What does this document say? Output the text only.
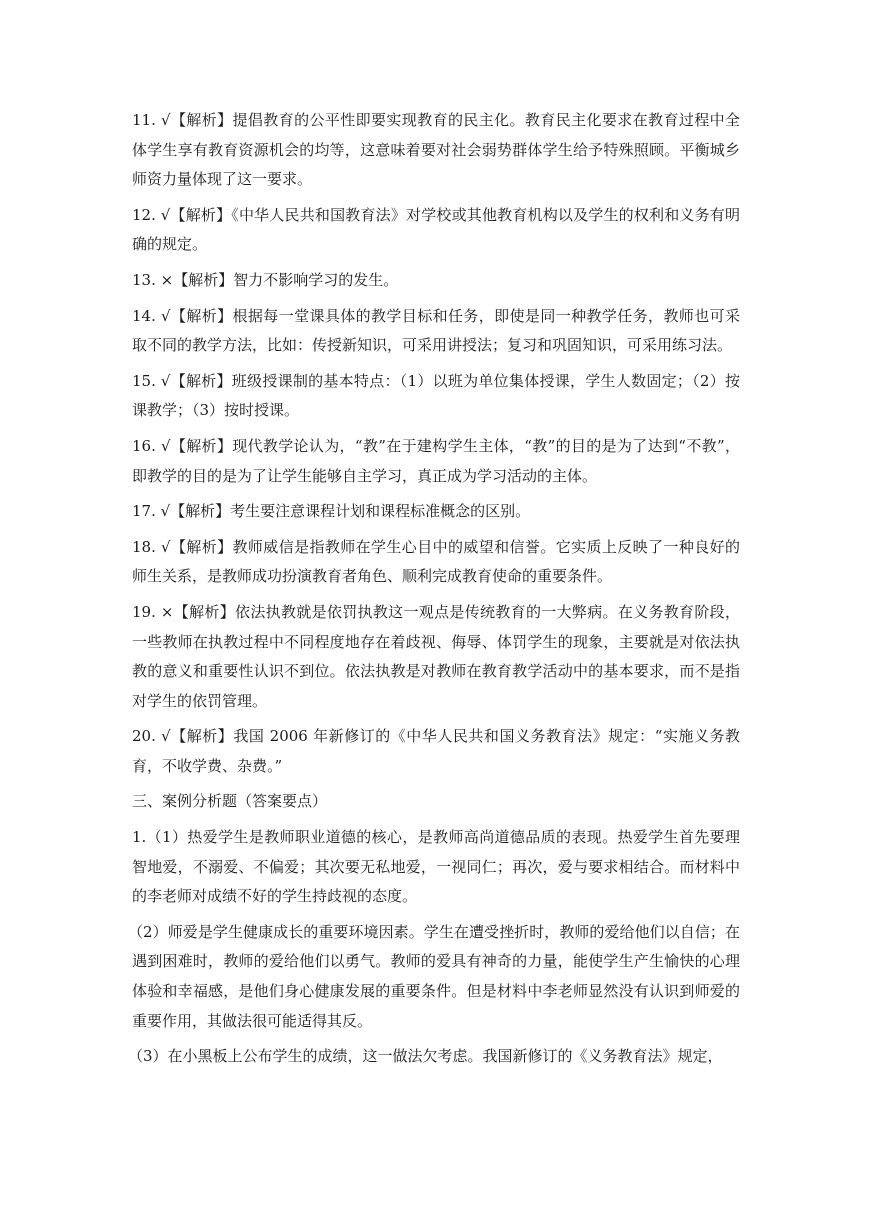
11. √【解析】提倡教育的公平性即要实现教育的民主化。教育民主化要求在教育过程中全体学生享有教育资源机会的均等，这意味着要对社会弱势群体学生给予特殊照顾。平衡城乡师资力量体现了这一要求。

12. √【解析】《中华人民共和国教育法》对学校或其他教育机构以及学生的权利和义务有明确的规定。

13. ×【解析】智力不影响学习的发生。

14. √【解析】根据每一堂课具体的教学目标和任务，即使是同一种教学任务，教师也可采取不同的教学方法，比如：传授新知识，可采用讲授法；复习和巩固知识，可采用练习法。

15. √【解析】班级授课制的基本特点：（1）以班为单位集体授课，学生人数固定；（2）按课教学；（3）按时授课。

16. √【解析】现代教学论认为，“教”在于建构学生主体，“教”的目的是为了达到“不教”，即教学的目的是为了让学生能够自主学习，真正成为学习活动的主体。

17. √【解析】考生要注意课程计划和课程标准概念的区别。

18. √【解析】教师威信是指教师在学生心目中的威望和信誉。它实质上反映了一种良好的师生关系，是教师成功扮演教育者角色、顺利完成教育使命的重要条件。

19. ×【解析】依法执教就是依罚执教这一观点是传统教育的一大弊病。在义务教育阶段，一些教师在执教过程中不同程度地存在着歧视、侮辱、体罚学生的现象，主要就是对依法执教的意义和重要性认识不到位。依法执教是对教师在教育教学活动中的基本要求，而不是指对学生的依罚管理。

20. √【解析】我国 2006 年新修订的《中华人民共和国义务教育法》规定：“实施义务教育，不收学费、杂费。”

三、案例分析题（答案要点）

1.（1）热爱学生是教师职业道德的核心，是教师高尚道德品质的表现。热爱学生首先要理智地爱，不溺爱、不偏爱；其次要无私地爱，一视同仁；再次，爱与要求相结合。而材料中的李老师对成绩不好的学生持歧视的态度。

（2）师爱是学生健康成长的重要环境因素。学生在遭受挫折时，教师的爱给他们以自信；在遇到困难时，教师的爱给他们以勇气。教师的爱具有神奇的力量，能使学生产生愉快的心理体验和幸福感，是他们身心健康发展的重要条件。但是材料中李老师显然没有认识到师爱的重要作用，其做法很可能适得其反。

（3）在小黑板上公布学生的成绩，这一做法欠考虑。我国新修订的《义务教育法》规定，
